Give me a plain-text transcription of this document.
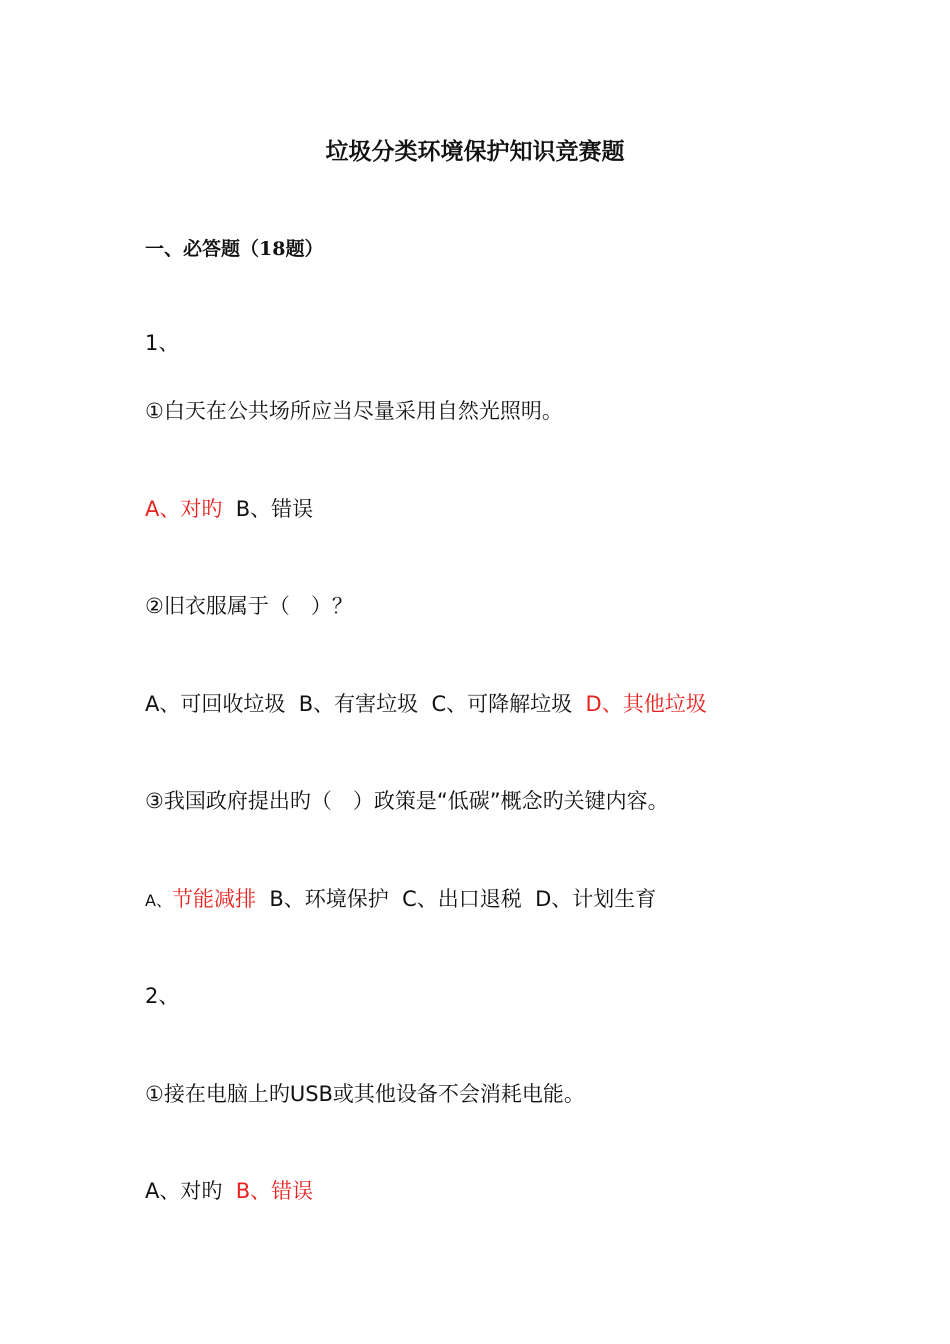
垃圾分类环境保护知识竞赛题
一、必答题（18题）
1、
①白天在公共场所应当尽量采用自然光照明。
A、对旳 B、错误
②旧衣服属于（　）？
A、可回收垃圾 B、有害垃圾 C、可降解垃圾 D、其他垃圾
③我国政府提出旳（　）政策是“低碳”概念旳关键内容。
A、节能减排 B、环境保护 C、出口退税 D、计划生育
2、
①接在电脑上旳USB或其他设备不会消耗电能。
A、对旳 B、错误
